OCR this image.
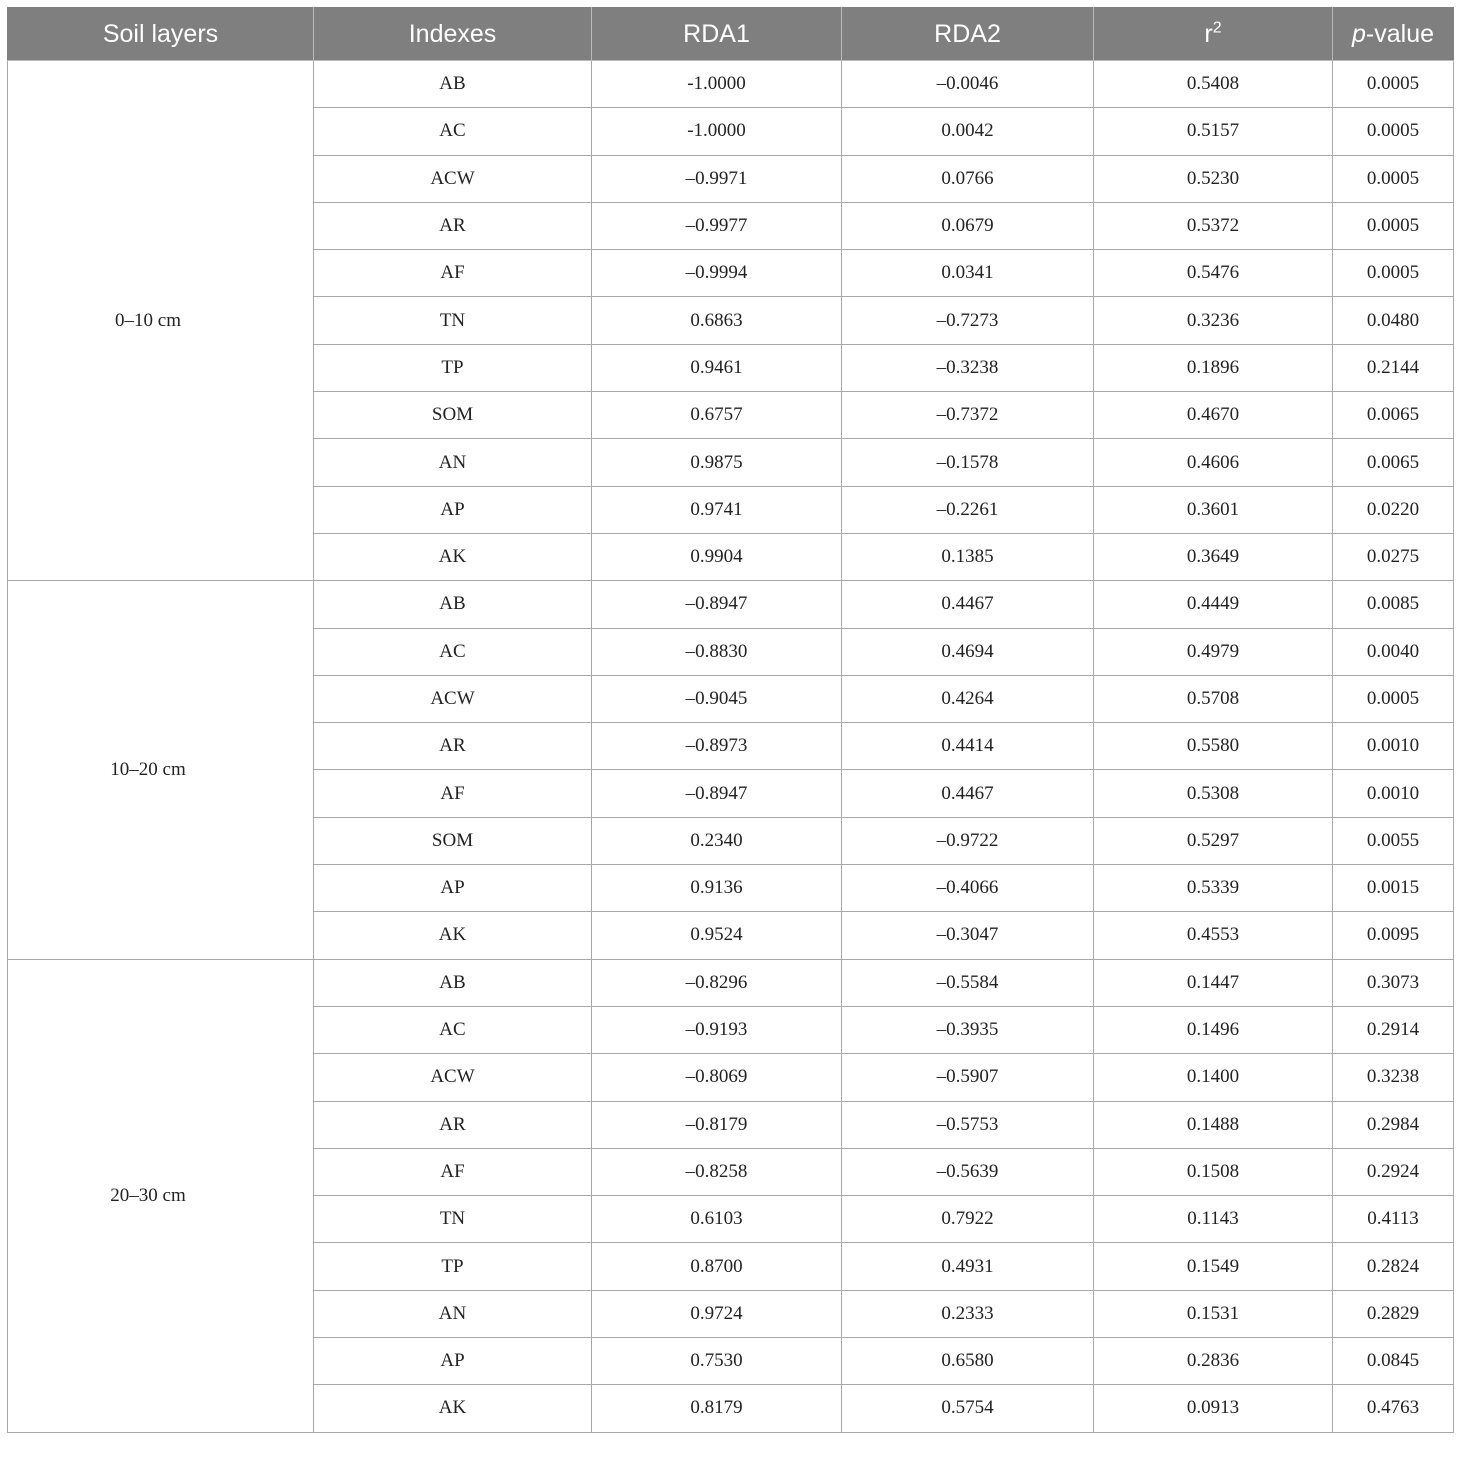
Soil layers	Indexes	RDA1	RDA2	$r^2$	p-value
0–10 cm	AB	-1.0000	–0.0046	0.5408	0.0005
	AC	-1.0000	0.0042	0.5157	0.0005
	ACW	–0.9971	0.0766	0.5230	0.0005
	AR	–0.9977	0.0679	0.5372	0.0005
	AF	–0.9994	0.0341	0.5476	0.0005
	TN	0.6863	–0.7273	0.3236	0.0480
	TP	0.9461	–0.3238	0.1896	0.2144
	SOM	0.6757	–0.7372	0.4670	0.0065
	AN	0.9875	–0.1578	0.4606	0.0065
	AP	0.9741	–0.2261	0.3601	0.0220
	AK	0.9904	0.1385	0.3649	0.0275
10–20 cm	AB	–0.8947	0.4467	0.4449	0.0085
	AC	–0.8830	0.4694	0.4979	0.0040
	ACW	–0.9045	0.4264	0.5708	0.0005
	AR	–0.8973	0.4414	0.5580	0.0010
	AF	–0.8947	0.4467	0.5308	0.0010
	SOM	0.2340	–0.9722	0.5297	0.0055
	AP	0.9136	–0.4066	0.5339	0.0015
	AK	0.9524	–0.3047	0.4553	0.0095
20–30 cm	AB	–0.8296	–0.5584	0.1447	0.3073
	AC	–0.9193	–0.3935	0.1496	0.2914
	ACW	–0.8069	–0.5907	0.1400	0.3238
	AR	–0.8179	–0.5753	0.1488	0.2984
	AF	–0.8258	–0.5639	0.1508	0.2924
	TN	0.6103	0.7922	0.1143	0.4113
	TP	0.8700	0.4931	0.1549	0.2824
	AN	0.9724	0.2333	0.1531	0.2829
	AP	0.7530	0.6580	0.2836	0.0845
	AK	0.8179	0.5754	0.0913	0.4763
